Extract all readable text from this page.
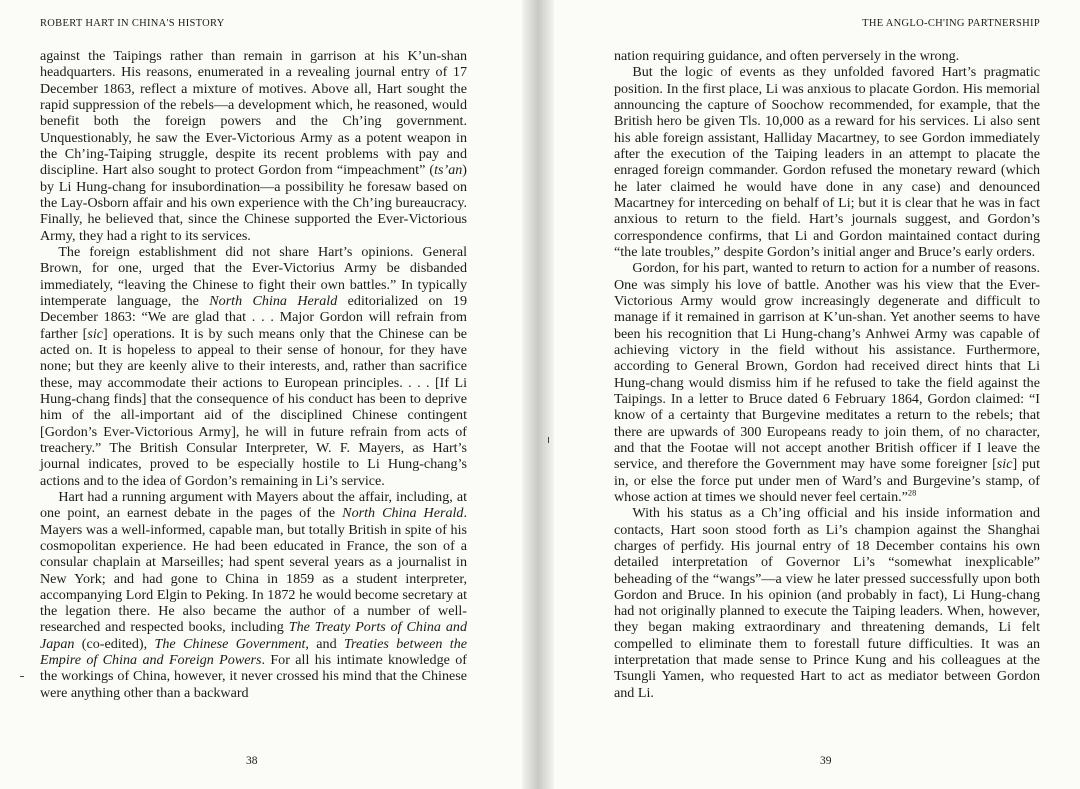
ROBERT HART IN CHINA'S HISTORY

against the Taipings rather than remain in garrison at his K’un-shan headquarters. His reasons, enumerated in a revealing journal entry of 17 December 1863, reflect a mixture of motives. Above all, Hart sought the rapid suppression of the rebels—a development which, he reasoned, would benefit both the foreign powers and the Ch’ing government. Unquestionably, he saw the Ever-Victorious Army as a potent weapon in the Ch’ing-Taiping struggle, despite its recent problems with pay and discipline. Hart also sought to protect Gordon from “impeachment” (ts’an) by Li Hung-chang for insubordination—a possibility he foresaw based on the Lay-Osborn affair and his own experience with the Ch’ing bureaucracy. Finally, he believed that, since the Chinese supported the Ever-Victorious Army, they had a right to its services.

The foreign establishment did not share Hart’s opinions. General Brown, for one, urged that the Ever-Victorius Army be disbanded immediately, “leaving the Chinese to fight their own battles.” In typically intemperate language, the North China Herald editorialized on 19 December 1863: “We are glad that . . . Major Gordon will refrain from farther [sic] operations. It is by such means only that the Chinese can be acted on. It is hopeless to appeal to their sense of honour, for they have none; but they are keenly alive to their interests, and, rather than sacrifice these, may accommodate their actions to European principles. . . . [If Li Hung-chang finds] that the consequence of his conduct has been to deprive him of the all-important aid of the disciplined Chinese contingent [Gordon’s Ever-Victorious Army], he will in future refrain from acts of treachery.” The British Consular Interpreter, W. F. Mayers, as Hart’s journal indicates, proved to be especially hostile to Li Hung-chang’s actions and to the idea of Gordon’s remaining in Li’s service.

Hart had a running argument with Mayers about the affair, including, at one point, an earnest debate in the pages of the North China Herald. Mayers was a well-informed, capable man, but totally British in spite of his cosmopolitan experience. He had been educated in France, the son of a consular chaplain at Marseilles; had spent several years as a journalist in New York; and had gone to China in 1859 as a student interpreter, accompanying Lord Elgin to Peking. In 1872 he would become secretary at the legation there. He also became the author of a number of well-researched and respected books, including The Treaty Ports of China and Japan (co-edited), The Chinese Government, and Treaties between the Empire of China and Foreign Powers. For all his intimate knowledge of the workings of China, however, it never crossed his mind that the Chinese were anything other than a backward

38
THE ANGLO-CH'ING PARTNERSHIP

nation requiring guidance, and often perversely in the wrong.

But the logic of events as they unfolded favored Hart’s pragmatic position. In the first place, Li was anxious to placate Gordon. His memorial announcing the capture of Soochow recommended, for example, that the British hero be given Tls. 10,000 as a reward for his services. Li also sent his able foreign assistant, Halliday Macartney, to see Gordon immediately after the execution of the Taiping leaders in an attempt to placate the enraged foreign commander. Gordon refused the monetary reward (which he later claimed he would have done in any case) and denounced Macartney for interceding on behalf of Li; but it is clear that he was in fact anxious to return to the field. Hart’s journals suggest, and Gordon’s correspondence confirms, that Li and Gordon maintained contact during “the late troubles,” despite Gordon’s initial anger and Bruce’s early orders.

Gordon, for his part, wanted to return to action for a number of reasons. One was simply his love of battle. Another was his view that the Ever-Victorious Army would grow increasingly degenerate and difficult to manage if it remained in garrison at K’un-shan. Yet another seems to have been his recognition that Li Hung-chang’s Anhwei Army was capable of achieving victory in the field without his assistance. Furthermore, according to General Brown, Gordon had received direct hints that Li Hung-chang would dismiss him if he refused to take the field against the Taipings. In a letter to Bruce dated 6 February 1864, Gordon claimed: “I know of a certainty that Burgevine meditates a return to the rebels; that there are upwards of 300 Europeans ready to join them, of no character, and that the Footae will not accept another British officer if I leave the service, and therefore the Government may have some foreigner [sic] put in, or else the force put under men of Ward’s and Burgevine’s stamp, of whose action at times we should never feel certain.”$^{28}$

With his status as a Ch’ing official and his inside information and contacts, Hart soon stood forth as Li’s champion against the Shanghai charges of perfidy. His journal entry of 18 December contains his own detailed interpretation of Governor Li’s “somewhat inexplicable” beheading of the “wangs”—a view he later pressed successfully upon both Gordon and Bruce. In his opinion (and probably in fact), Li Hung-chang had not originally planned to execute the Taiping leaders. When, however, they began making extraordinary and threatening demands, Li felt compelled to eliminate them to forestall future difficulties. It was an interpretation that made sense to Prince Kung and his colleagues at the Tsungli Yamen, who requested Hart to act as mediator between Gordon and Li.

39
